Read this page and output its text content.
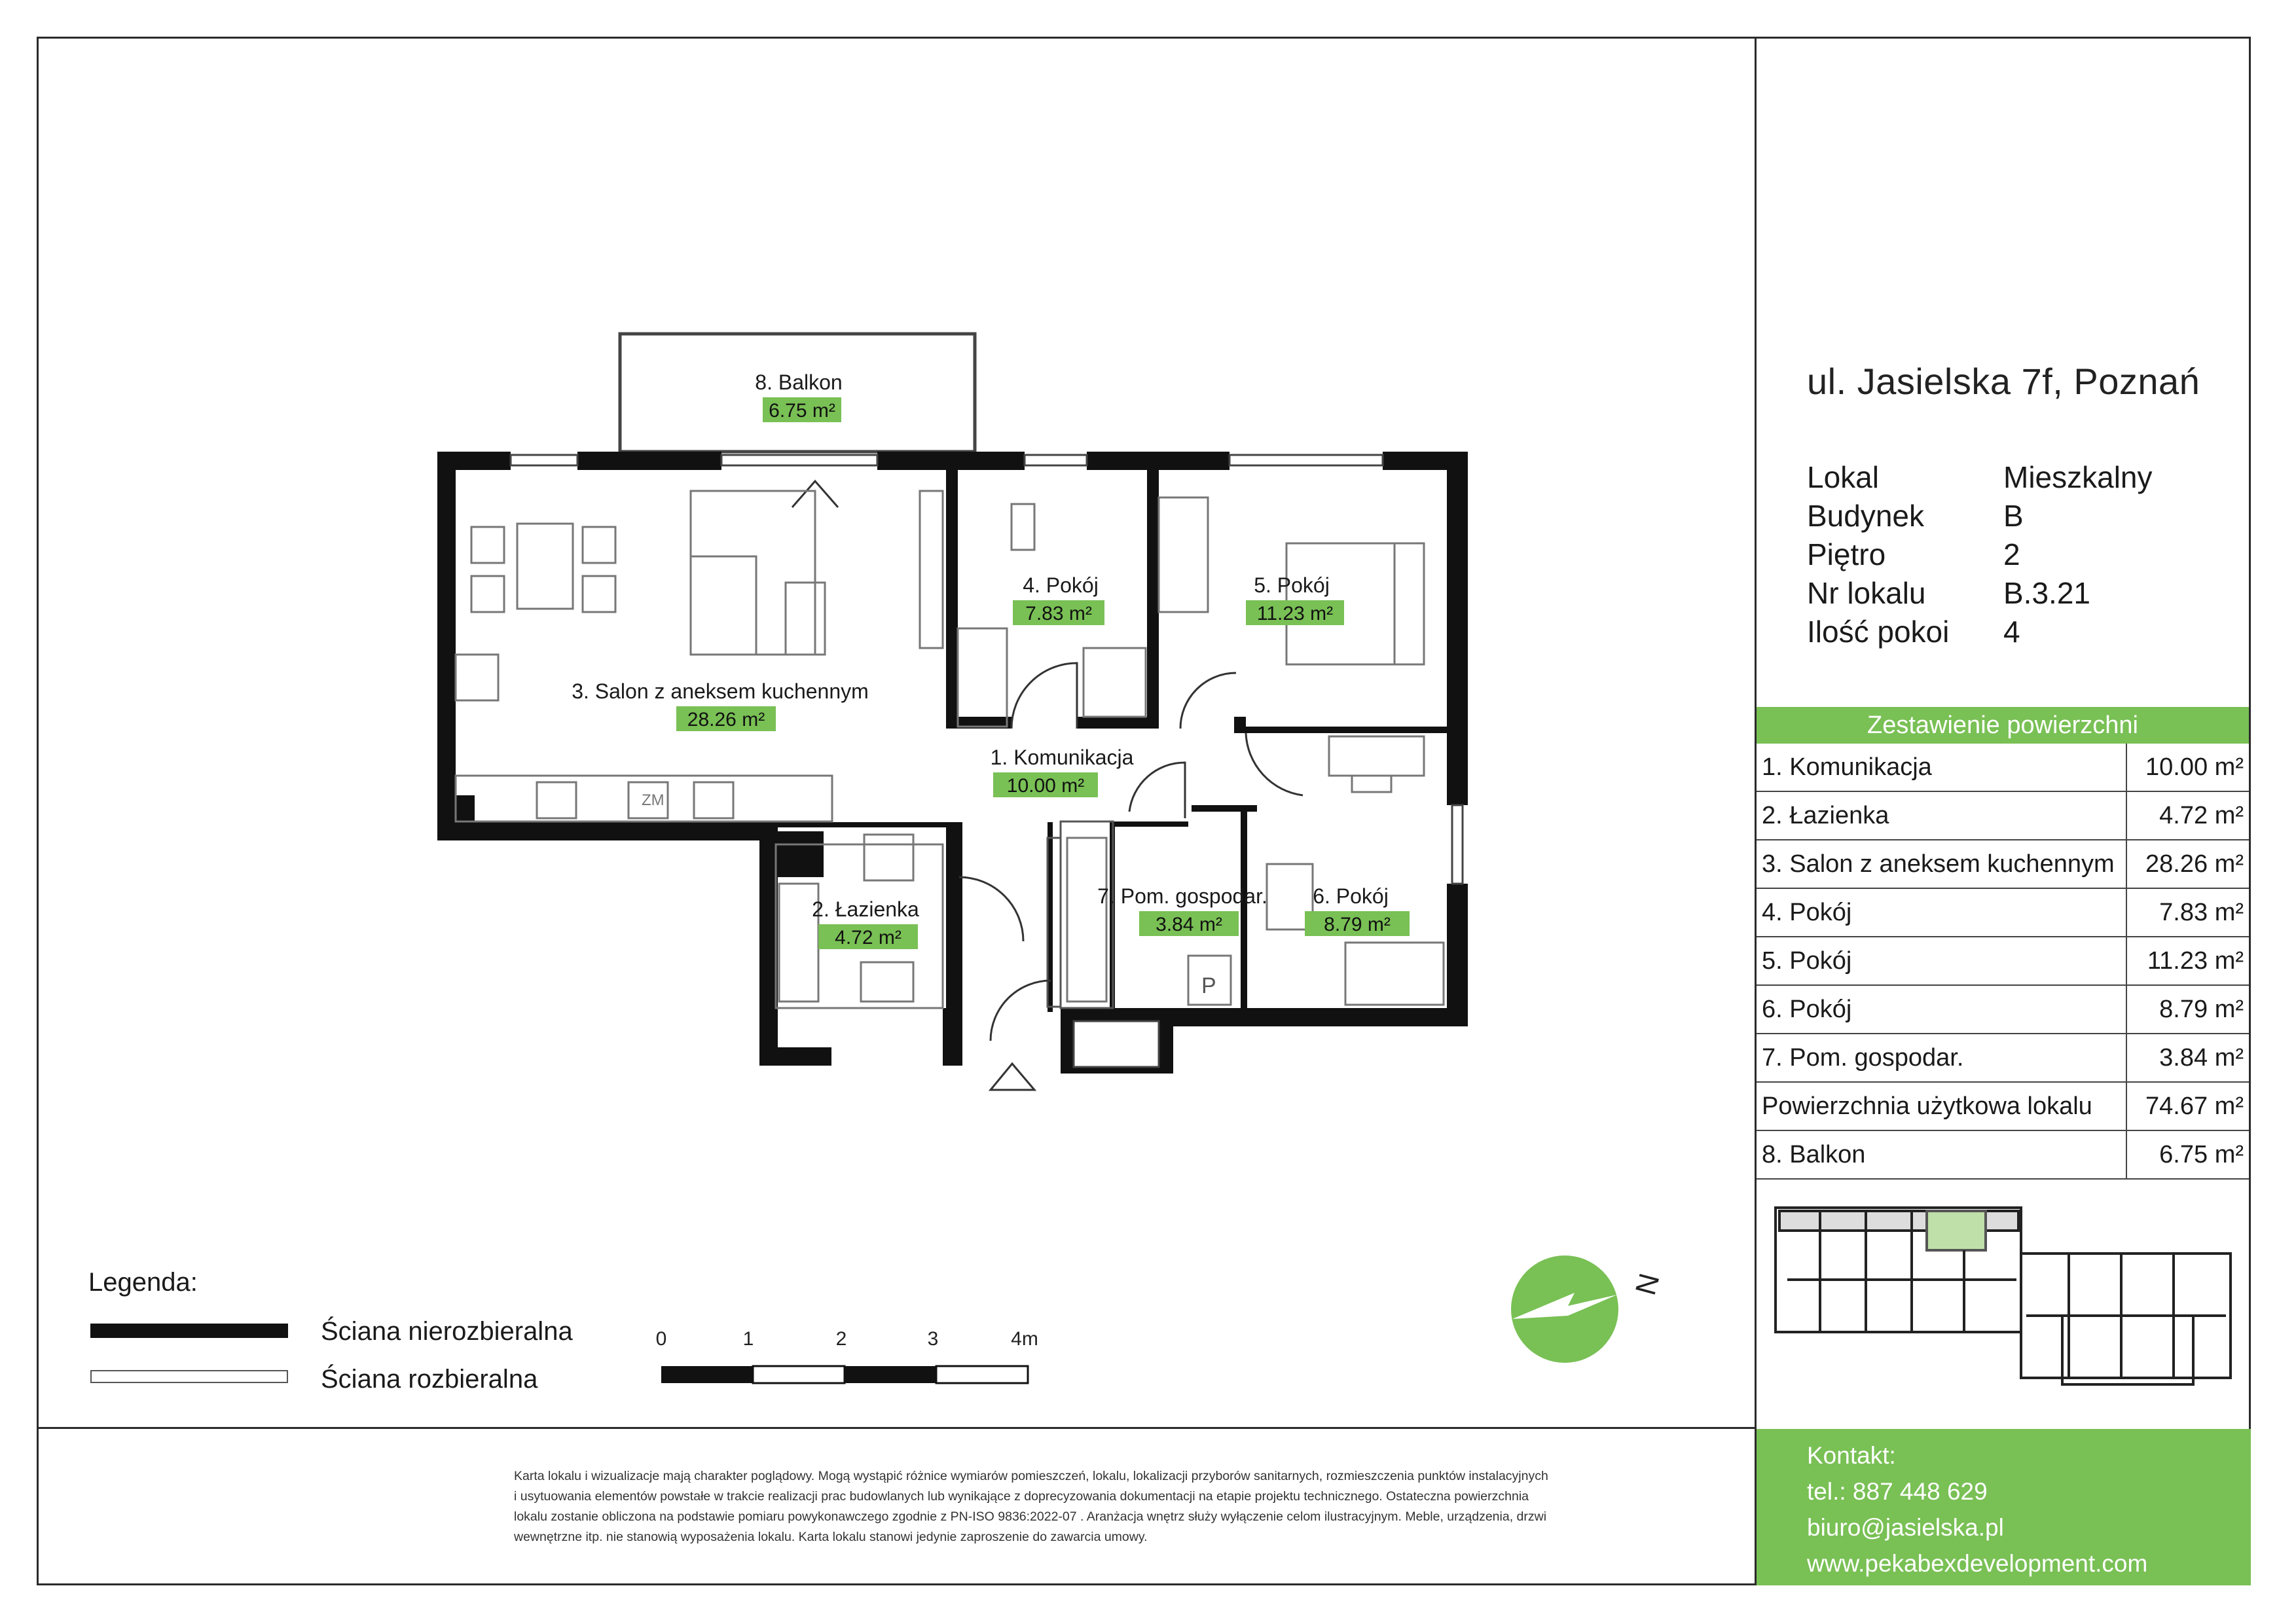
ZM
P
8. Balkon
6.75 m²
4. Pokój
7.83 m²
5. Pokój
11.23 m²
3. Salon z aneksem kuchennym
28.26 m²
1. Komunikacja
10.00 m²
2. Łazienka
4.72 m²
7. Pom. gospodar.
3.84 m²
6. Pokój
8.79 m²
N
ul. Jasielska 7f, Poznań
Lokal	Mieszkalny
Budynek	B
Piętro	2
Nr lokalu	B.3.21
Ilość pokoi	4
Zestawienie powierzchni
1. Komunikacja	10.00 m²
2. Łazienka	4.72 m²
3. Salon z aneksem kuchennym	28.26 m²
4. Pokój	7.83 m²
5. Pokój	11.23 m²
6. Pokój	8.79 m²
7. Pom. gospodar.	3.84 m²
Powierzchnia użytkowa lokalu	74.67 m²
8. Balkon	6.75 m²
Kontakt:
tel.: 887 448 629
biuro@jasielska.pl
www.pekabexdevelopment.com
Legenda:
Ściana nierozbieralna
Ściana rozbieralna
0	1	2	3	4m
Karta lokalu i wizualizacje mają charakter poglądowy. Mogą wystąpić różnice wymiarów pomieszczeń, lokalu, lokalizacji przyborów sanitarnych, rozmieszczenia punktów instalacyjnych
i usytuowania elementów powstałe w trakcie realizacji prac budowlanych lub wynikające z doprecyzowania dokumentacji na etapie projektu technicznego. Ostateczna powierzchnia
lokalu zostanie obliczona na podstawie pomiaru powykonawczego zgodnie z PN-ISO 9836:2022-07 . Aranżacja wnętrz służy wyłączenie celom ilustracyjnym. Meble, urządzenia, drzwi
wewnętrzne itp. nie stanowią wyposażenia lokalu. Karta lokalu stanowi jedynie zaproszenie do zawarcia umowy.
